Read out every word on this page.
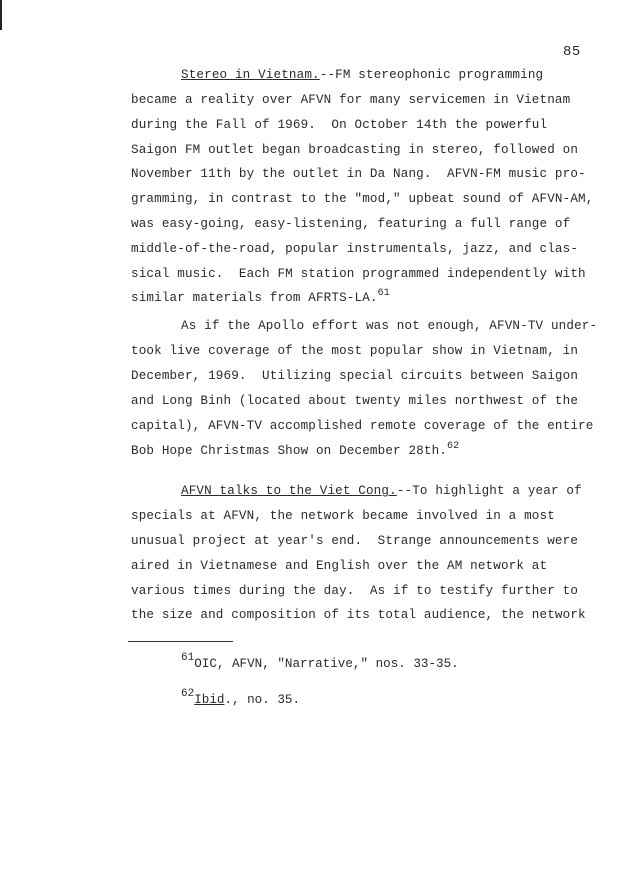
85
Stereo in Vietnam.--FM stereophonic programming
became a reality over AFVN for many servicemen in Vietnam
during the Fall of 1969.  On October 14th the powerful
Saigon FM outlet began broadcasting in stereo, followed on
November 11th by the outlet in Da Nang.  AFVN-FM music pro-
gramming, in contrast to the "mod," upbeat sound of AFVN-AM,
was easy-going, easy-listening, featuring a full range of
middle-of-the-road, popular instrumentals, jazz, and clas-
sical music.  Each FM station programmed independently with
similar materials from AFRTS-LA.$^{61}$
As if the Apollo effort was not enough, AFVN-TV under-
took live coverage of the most popular show in Vietnam, in
December, 1969.  Utilizing special circuits between Saigon
and Long Binh (located about twenty miles northwest of the
capital), AFVN-TV accomplished remote coverage of the entire
Bob Hope Christmas Show on December 28th.$^{62}$
AFVN talks to the Viet Cong.--To highlight a year of
specials at AFVN, the network became involved in a most
unusual project at year's end.  Strange announcements were
aired in Vietnamese and English over the AM network at
various times during the day.  As if to testify further to
the size and composition of its total audience, the network
61OIC, AFVN, "Narrative," nos. 33-35.
62Ibid., no. 35.
